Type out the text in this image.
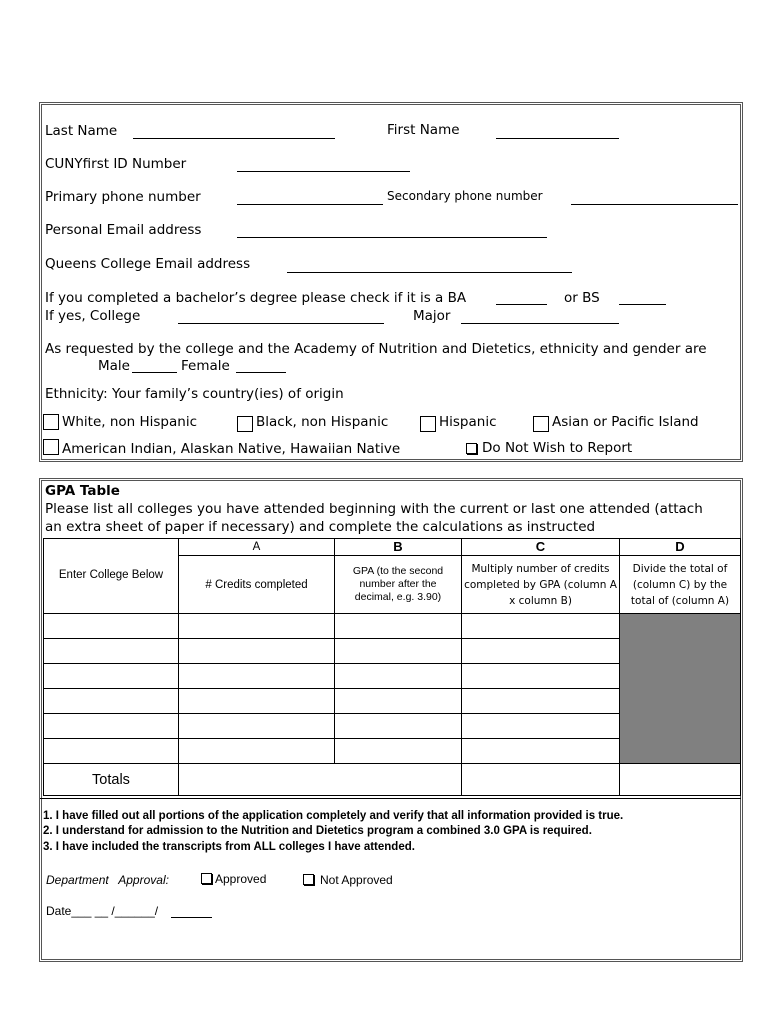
Last Name	First Name
CUNYfirst ID Number
Primary phone number	Secondary phone number
Personal Email address
Queens College Email address
If you completed a bachelor’s degree please check if it is a BA	or BS
If yes, College	Major
As requested by the college and the Academy of Nutrition and Dietetics, ethnicity and gender are
Male	Female
Ethnicity: Your family’s country(ies) of origin
White, non Hispanic	Black, non Hispanic	Hispanic	Asian or Pacific Island
American Indian, Alaskan Native, Hawaiian Native	Do Not Wish to Report
GPA Table
Please list all colleges you have attended beginning with the current or last one attended (attach
an extra sheet of paper if necessary) and complete the calculations as instructed
	A	B	C	D
Enter College Below	# Credits completed	GPA (to the second number after the decimal, e.g. 3.90)	Multiply number of credits completed by GPA (column A x column B)	Divide the total of (column C) by the total of (column A)

Totals				
1. I have filled out all portions of the application completely and verify that all information provided is true.
2. I understand for admission to the Nutrition and Dietetics program a combined 3.0 GPA is required.
3. I have included the transcripts from ALL colleges I have attended.
Department   Approval:	Approved	Not Approved
Date___ __ /______/
